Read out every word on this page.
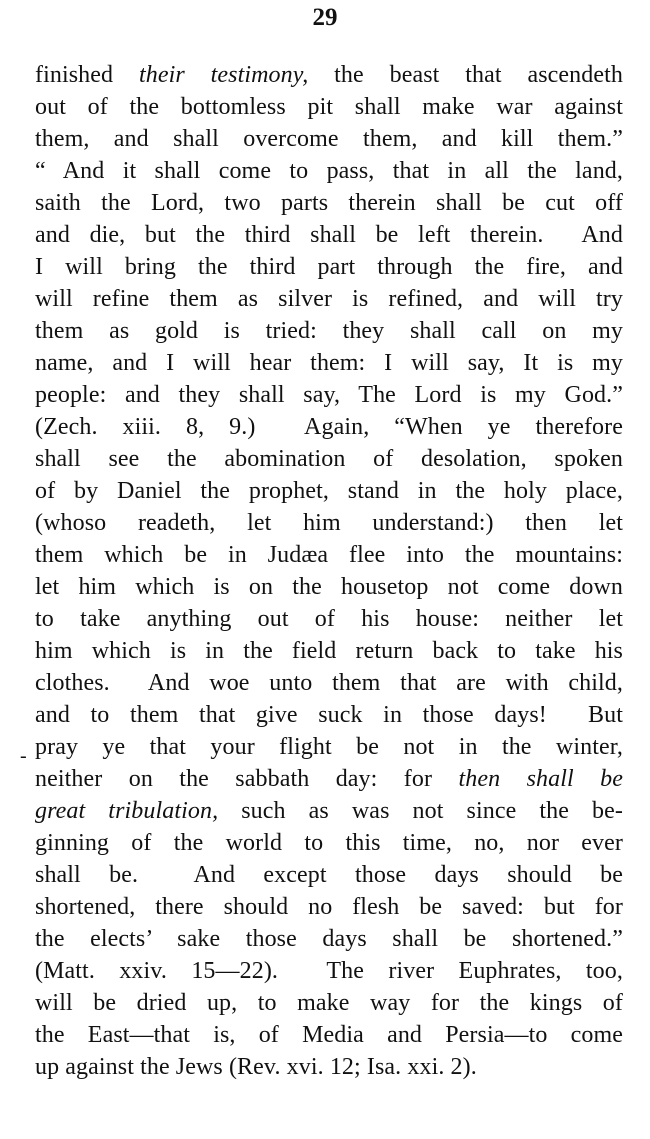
29
-
finished their testimony, the beast that ascendeth
out of the bottomless pit shall make war against
them, and shall overcome them, and kill them.”
“ And it shall come to pass, that in all the land,
saith the Lord, two parts therein shall be cut off
and die, but the third shall be left therein.  And
I will bring the third part through the fire, and
will refine them as silver is refined, and will try
them as gold is tried: they shall call on my
name, and I will hear them: I will say, It is my
people: and they shall say, The Lord is my God.”
(Zech. xiii. 8, 9.)  Again, “When ye therefore
shall see the abomination of desolation, spoken
of by Daniel the prophet, stand in the holy place,
(whoso readeth, let him understand:) then let
them which be in Judæa flee into the mountains:
let him which is on the housetop not come down
to take anything out of his house: neither let
him which is in the field return back to take his
clothes.  And woe unto them that are with child,
and to them that give suck in those days!  But
pray ye that your flight be not in the winter,
neither on the sabbath day: for then shall be
great tribulation, such as was not since the be-
ginning of the world to this time, no, nor ever
shall be.  And except those days should be
shortened, there should no flesh be saved: but for
the elects’ sake those days shall be shortened.”
(Matt. xxiv. 15—22).  The river Euphrates, too,
will be dried up, to make way for the kings of
the East—that is, of Media and Persia—to come
up against the Jews (Rev. xvi. 12; Isa. xxi. 2).
